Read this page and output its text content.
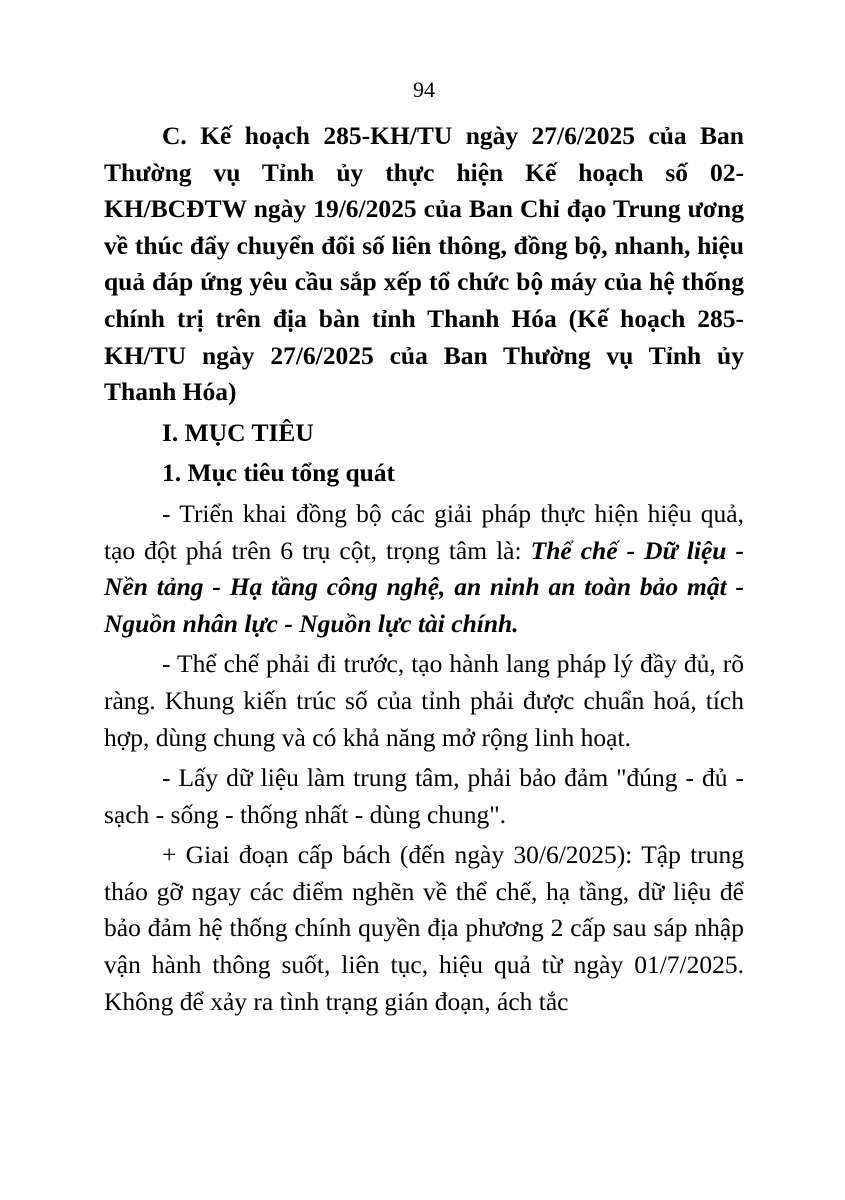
94

C. Kế hoạch 285-KH/TU ngày 27/6/2025 của Ban Thường vụ Tỉnh ủy thực hiện Kế hoạch số 02-KH/BCĐTW ngày 19/6/2025 của Ban Chỉ đạo Trung ương về thúc đẩy chuyển đổi số liên thông, đồng bộ, nhanh, hiệu quả đáp ứng yêu cầu sắp xếp tổ chức bộ máy của hệ thống chính trị trên địa bàn tỉnh Thanh Hóa (Kế hoạch 285-KH/TU ngày 27/6/2025 của Ban Thường vụ Tỉnh ủy Thanh Hóa)

I. MỤC TIÊU

1. Mục tiêu tổng quát

- Triển khai đồng bộ các giải pháp thực hiện hiệu quả, tạo đột phá trên 6 trụ cột, trọng tâm là: Thể chế - Dữ liệu - Nền tảng - Hạ tầng công nghệ, an ninh an toàn bảo mật - Nguồn nhân lực - Nguồn lực tài chính.

- Thể chế phải đi trước, tạo hành lang pháp lý đầy đủ, rõ ràng. Khung kiến trúc số của tỉnh phải được chuẩn hoá, tích hợp, dùng chung và có khả năng mở rộng linh hoạt.

- Lấy dữ liệu làm trung tâm, phải bảo đảm "đúng - đủ - sạch - sống - thống nhất - dùng chung".

+ Giai đoạn cấp bách (đến ngày 30/6/2025): Tập trung tháo gỡ ngay các điểm nghẽn về thể chế, hạ tầng, dữ liệu để bảo đảm hệ thống chính quyền địa phương 2 cấp sau sáp nhập vận hành thông suốt, liên tục, hiệu quả từ ngày 01/7/2025. Không để xảy ra tình trạng gián đoạn, ách tắc
